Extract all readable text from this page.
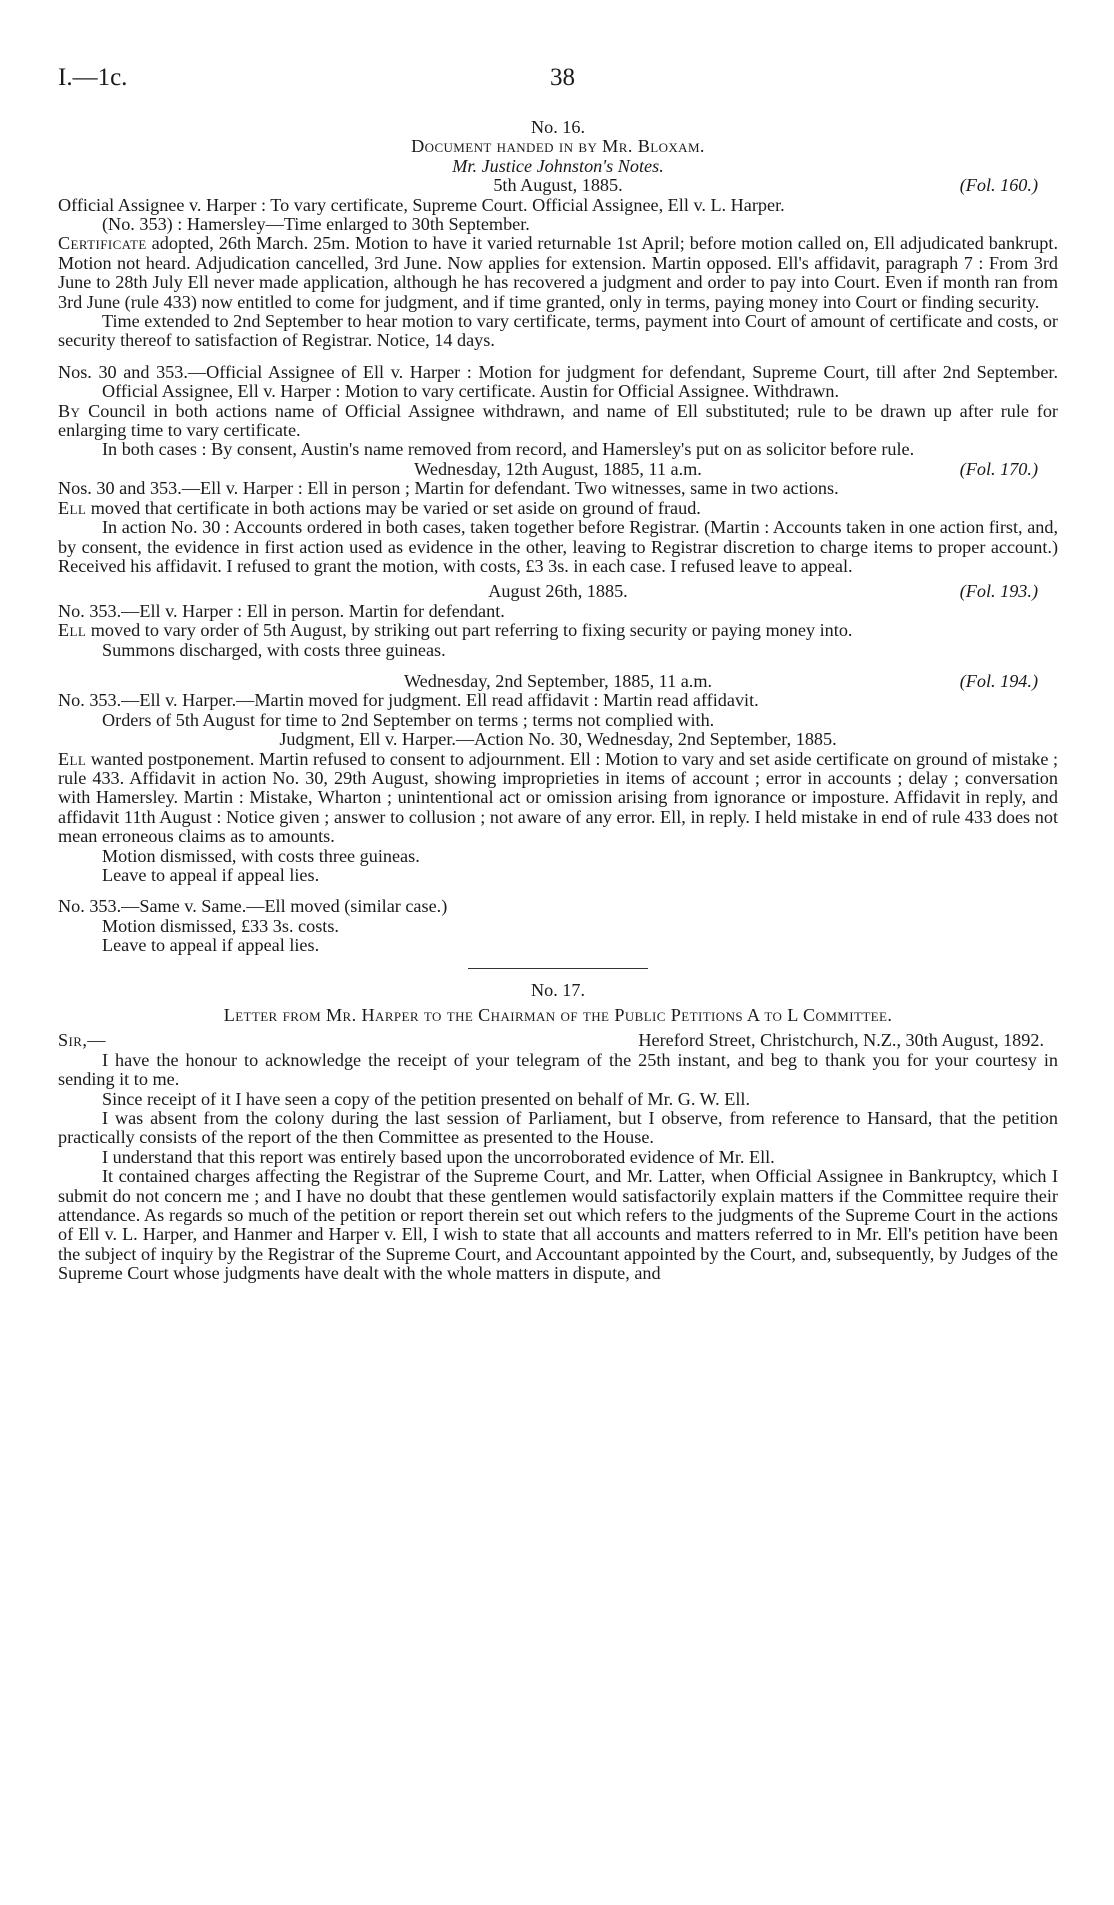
I.—1c.	38

No. 16.

Document handed in by Mr. Bloxam.

Mr. Justice Johnston's Notes.

5th August, 1885.	(Fol. 160.)

Official Assignee v. Harper : To vary certificate, Supreme Court. Official Assignee, Ell v. L. Harper.

(No. 353) : Hamersley—Time enlarged to 30th September.

Certificate adopted, 26th March. 25m. Motion to have it varied returnable 1st April; before motion called on, Ell adjudicated bankrupt. Motion not heard. Adjudication cancelled, 3rd June. Now applies for extension. Martin opposed. Ell's affidavit, paragraph 7 : From 3rd June to 28th July Ell never made application, although he has recovered a judgment and order to pay into Court. Even if month ran from 3rd June (rule 433) now entitled to come for judgment, and if time granted, only in terms, paying money into Court or finding security.

Time extended to 2nd September to hear motion to vary certificate, terms, payment into Court of amount of certificate and costs, or security thereof to satisfaction of Registrar. Notice, 14 days.

Nos. 30 and 353.—Official Assignee of Ell v. Harper : Motion for judgment for defendant, Supreme Court, till after 2nd September. Official Assignee, Ell v. Harper : Motion to vary certificate. Austin for Official Assignee. Withdrawn.

By Council in both actions name of Official Assignee withdrawn, and name of Ell substituted; rule to be drawn up after rule for enlarging time to vary certificate.

In both cases : By consent, Austin's name removed from record, and Hamersley's put on as solicitor before rule.

Wednesday, 12th August, 1885, 11 a.m.	(Fol. 170.)

Nos. 30 and 353.—Ell v. Harper : Ell in person ; Martin for defendant. Two witnesses, same in two actions.

Ell moved that certificate in both actions may be varied or set aside on ground of fraud.

In action No. 30 : Accounts ordered in both cases, taken together before Registrar. (Martin : Accounts taken in one action first, and, by consent, the evidence in first action used as evidence in the other, leaving to Registrar discretion to charge items to proper account.) Received his affidavit. I refused to grant the motion, with costs, £3 3s. in each case. I refused leave to appeal.

August 26th, 1885.	(Fol. 193.)

No. 353.—Ell v. Harper : Ell in person. Martin for defendant.

Ell moved to vary order of 5th August, by striking out part referring to fixing security or paying money into.

Summons discharged, with costs three guineas.

Wednesday, 2nd September, 1885, 11 a.m.	(Fol. 194.)

No. 353.—Ell v. Harper.—Martin moved for judgment. Ell read affidavit : Martin read affidavit.

Orders of 5th August for time to 2nd September on terms ; terms not complied with.

Judgment, Ell v. Harper.—Action No. 30, Wednesday, 2nd September, 1885.

Ell wanted postponement. Martin refused to consent to adjournment. Ell : Motion to vary and set aside certificate on ground of mistake ; rule 433. Affidavit in action No. 30, 29th August, showing improprieties in items of account ; error in accounts ; delay ; conversation with Hamersley. Martin : Mistake, Wharton ; unintentional act or omission arising from ignorance or imposture. Affidavit in reply, and affidavit 11th August : Notice given ; answer to collusion ; not aware of any error. Ell, in reply. I held mistake in end of rule 433 does not mean erroneous claims as to amounts.

Motion dismissed, with costs three guineas.

Leave to appeal if appeal lies.

No. 353.—Same v. Same.—Ell moved (similar case.)

Motion dismissed, £33 3s. costs.

Leave to appeal if appeal lies.

No. 17.

Letter from Mr. Harper to the Chairman of the Public Petitions A to L Committee.

Sir,—	Hereford Street, Christchurch, N.Z., 30th August, 1892.

I have the honour to acknowledge the receipt of your telegram of the 25th instant, and beg to thank you for your courtesy in sending it to me.

Since receipt of it I have seen a copy of the petition presented on behalf of Mr. G. W. Ell.

I was absent from the colony during the last session of Parliament, but I observe, from reference to Hansard, that the petition practically consists of the report of the then Committee as presented to the House.

I understand that this report was entirely based upon the uncorroborated evidence of Mr. Ell.

It contained charges affecting the Registrar of the Supreme Court, and Mr. Latter, when Official Assignee in Bankruptcy, which I submit do not concern me ; and I have no doubt that these gentlemen would satisfactorily explain matters if the Committee require their attendance. As regards so much of the petition or report therein set out which refers to the judgments of the Supreme Court in the actions of Ell v. L. Harper, and Hanmer and Harper v. Ell, I wish to state that all accounts and matters referred to in Mr. Ell's petition have been the subject of inquiry by the Registrar of the Supreme Court, and Accountant appointed by the Court, and, subsequently, by Judges of the Supreme Court whose judgments have dealt with the whole matters in dispute, and
